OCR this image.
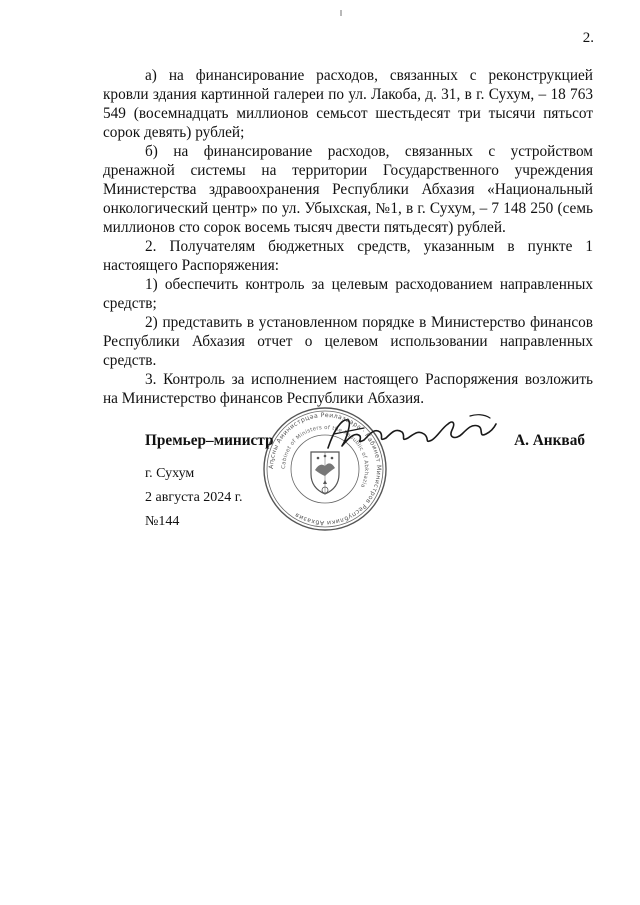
2.

а) на финансирование расходов, связанных с реконструкцией кровли здания картинной галереи по ул. Лакоба, д. 31, в г. Сухум, – 18 763 549 (восемнадцать миллионов семьсот шестьдесят три тысячи пятьсот сорок девять) рублей;

б) на финансирование расходов, связанных с устройством дренажной системы на территории Государственного учреждения Министерства здравоохранения Республики Абхазия «Национальный онкологический центр» по ул. Убыхская, №1, в г. Сухум, – 7 148 250 (семь миллионов сто сорок восемь тысяч двести пятьдесят) рублей.

2. Получателям бюджетных средств, указанным в пункте 1 настоящего Распоряжения:

1) обеспечить контроль за целевым расходованием направленных средств;

2) представить в установленном порядке в Министерство финансов Республики Абхазия отчет о целевом использовании направленных средств.

3. Контроль за исполнением настоящего Распоряжения возложить на Министерство финансов Республики Абхазия.

Аҧсны Аминистрцәа Реилазаара · Кабинет Министров Республики Абхазия
Cabinet of Ministers of the Republic of Abkhazia
Премьер–министр	А. Анкваб
г. Сухум
2 августа 2024 г.
№144
